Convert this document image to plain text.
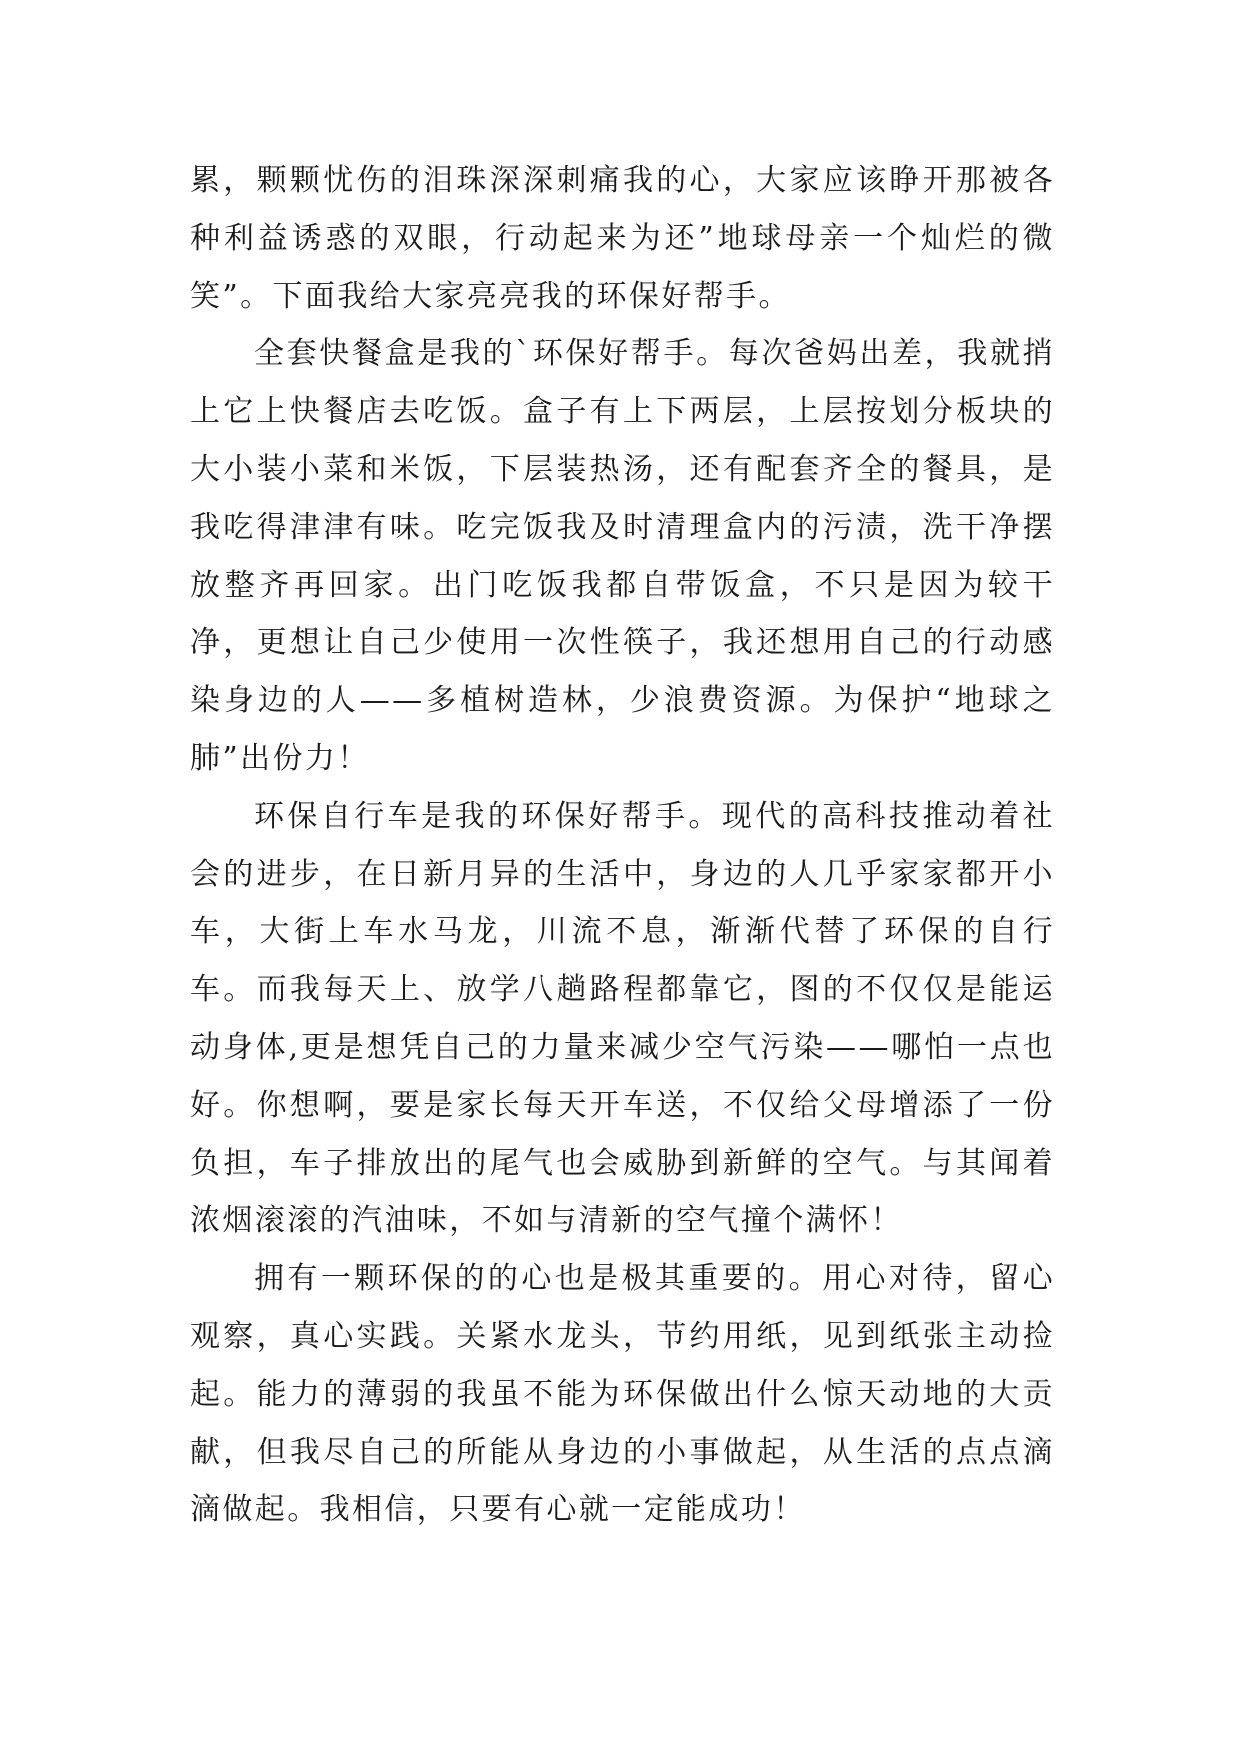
累，颗颗忧伤的泪珠深深刺痛我的心，大家应该睁开那被各种利益诱惑的双眼，行动起来为还”地球母亲一个灿烂的微笑”。下面我给大家亮亮我的环保好帮手。

全套快餐盒是我的`环保好帮手。每次爸妈出差，我就捎上它上快餐店去吃饭。盒子有上下两层，上层按划分板块的大小装小菜和米饭，下层装热汤，还有配套齐全的餐具，是我吃得津津有味。吃完饭我及时清理盒内的污渍，洗干净摆放整齐再回家。出门吃饭我都自带饭盒，不只是因为较干净，更想让自己少使用一次性筷子，我还想用自己的行动感染身边的人——多植树造林，少浪费资源。为保护“地球之肺”出份力！

环保自行车是我的环保好帮手。现代的高科技推动着社会的进步，在日新月异的生活中，身边的人几乎家家都开小车，大街上车水马龙，川流不息，渐渐代替了环保的自行车。而我每天上、放学八趟路程都靠它，图的不仅仅是能运动身体,更是想凭自己的力量来减少空气污染——哪怕一点也好。你想啊，要是家长每天开车送，不仅给父母增添了一份负担，车子排放出的尾气也会威胁到新鲜的空气。与其闻着浓烟滚滚的汽油味，不如与清新的空气撞个满怀！

拥有一颗环保的的心也是极其重要的。用心对待，留心观察，真心实践。关紧水龙头，节约用纸，见到纸张主动捡起。能力的薄弱的我虽不能为环保做出什么惊天动地的大贡献，但我尽自己的所能从身边的小事做起，从生活的点点滴滴做起。我相信，只要有心就一定能成功！
